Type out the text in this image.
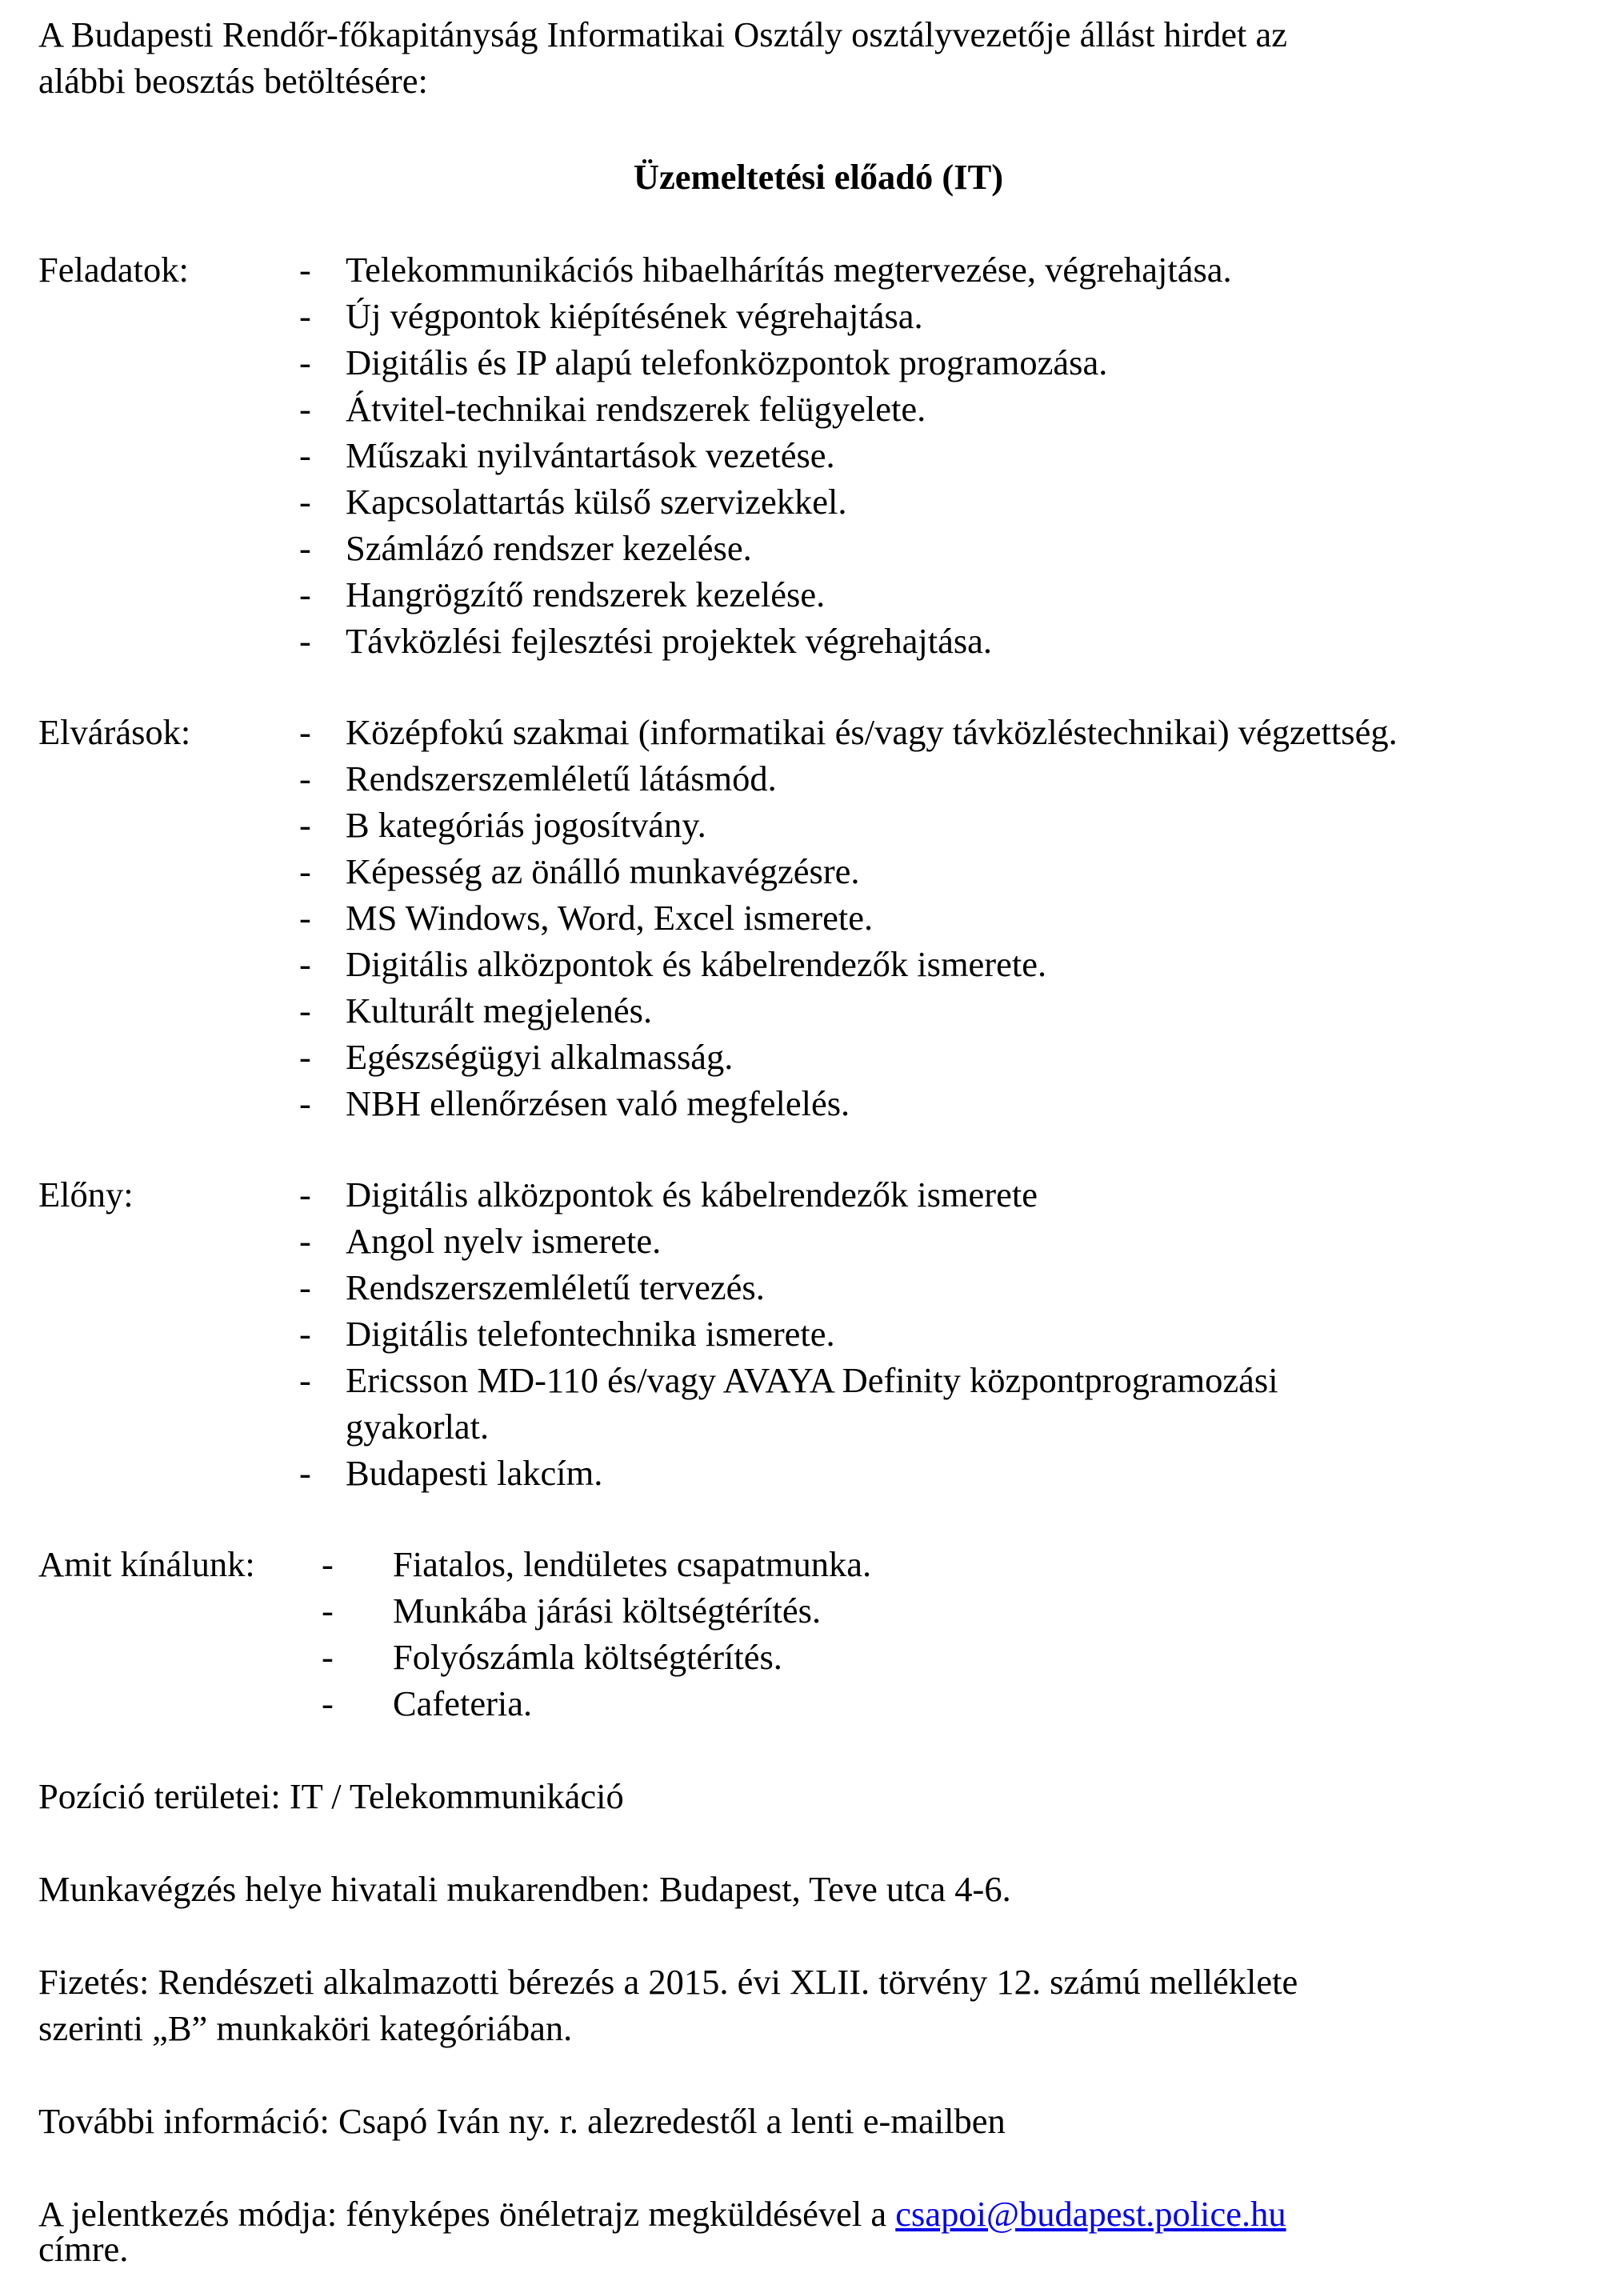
A Budapesti Rendőr-főkapitányság Informatikai Osztály osztályvezetője állást hirdet az
alábbi beosztás betöltésére:
Üzemeltetési előadó (IT)
Feladatok:	- Telekommunikációs hibaelhárítás megtervezése, végrehajtása.
- Új végpontok kiépítésének végrehajtása.
- Digitális és IP alapú telefonközpontok programozása.
- Átvitel-technikai rendszerek felügyelete.
- Műszaki nyilvántartások vezetése.
- Kapcsolattartás külső szervizekkel.
- Számlázó rendszer kezelése.
- Hangrögzítő rendszerek kezelése.
- Távközlési fejlesztési projektek végrehajtása.
Elvárások:	- Középfokú szakmai (informatikai és/vagy távközléstechnikai) végzettség.
- Rendszerszemléletű látásmód.
- B kategóriás jogosítvány.
- Képesség az önálló munkavégzésre.
- MS Windows, Word, Excel ismerete.
- Digitális alközpontok és kábelrendezők ismerete.
- Kulturált megjelenés.
- Egészségügyi alkalmasság.
- NBH ellenőrzésen való megfelelés.
Előny:	- Digitális alközpontok és kábelrendezők ismerete
- Angol nyelv ismerete.
- Rendszerszemléletű tervezés.
- Digitális telefontechnika ismerete.
- Ericsson MD-110 és/vagy AVAYA Definity központprogramozási
gyakorlat.
- Budapesti lakcím.
Amit kínálunk: - Fiatalos, lendületes csapatmunka.
- Munkába járási költségtérítés.
- Folyószámla költségtérítés.
- Cafeteria.
Pozíció területei: IT / Telekommunikáció
Munkavégzés helye hivatali mukarendben: Budapest, Teve utca 4-6.
Fizetés: Rendészeti alkalmazotti bérezés a 2015. évi XLII. törvény 12. számú melléklete
szerinti „B” munkaköri kategóriában.
További információ: Csapó Iván ny. r. alezredestől a lenti e-mailben
A jelentkezés módja: fényképes önéletrajz megküldésével a csapoi@budapest.police.hu
címre.
